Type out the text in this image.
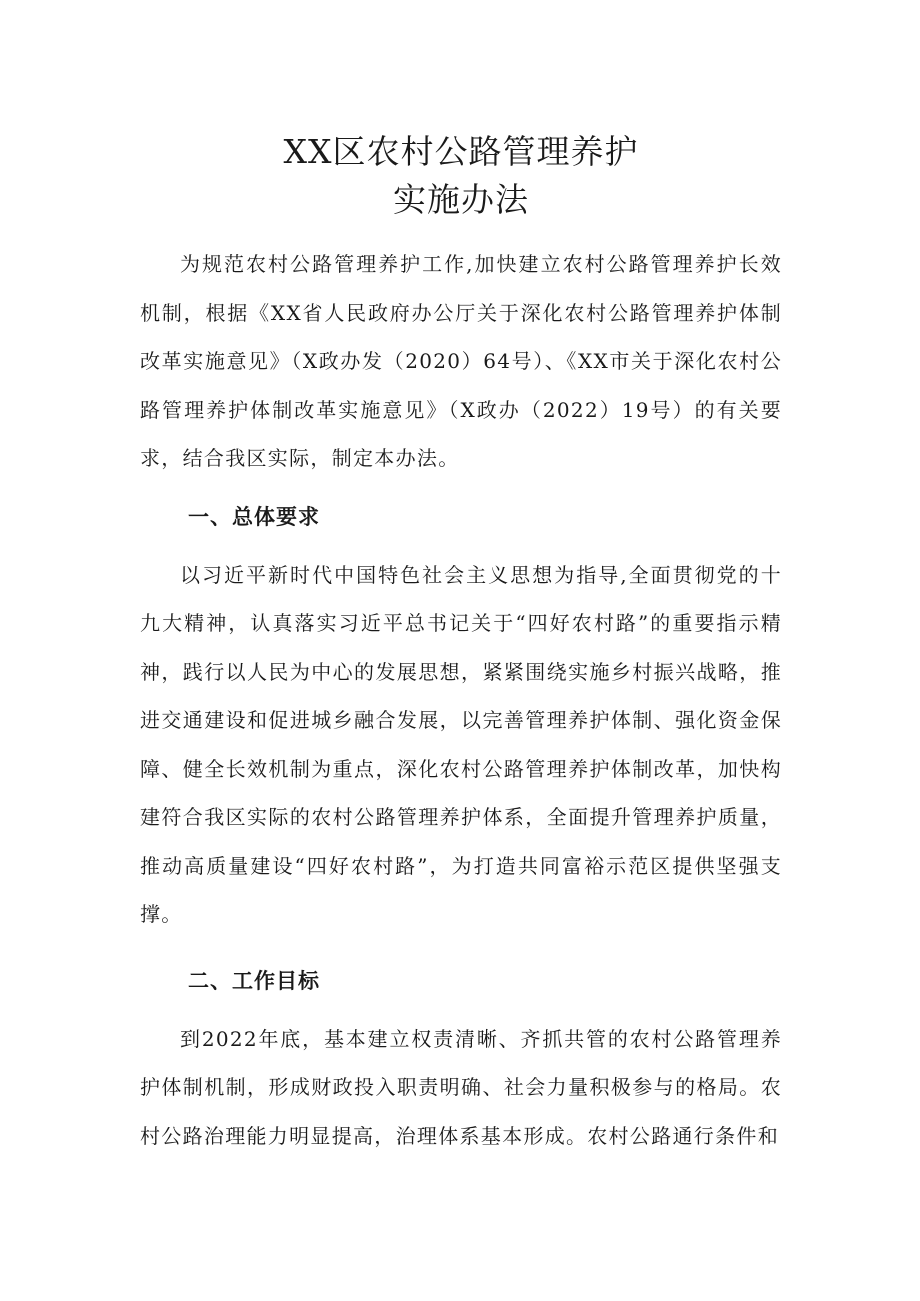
XX区农村公路管理养护
实施办法

为规范农村公路管理养护工作,加快建立农村公路管理养护长效机制，根据《XX省人民政府办公厅关于深化农村公路管理养护体制改革实施意见》（X政办发（2020）64号）、《XX市关于深化农村公路管理养护体制改革实施意见》（X政办（2022）19号）的有关要求，结合我区实际，制定本办法。

一、总体要求

以习近平新时代中国特色社会主义思想为指导,全面贯彻党的十九大精神，认真落实习近平总书记关于“四好农村路”的重要指示精神，践行以人民为中心的发展思想，紧紧围绕实施乡村振兴战略，推进交通建设和促进城乡融合发展，以完善管理养护体制、强化资金保障、健全长效机制为重点，深化农村公路管理养护体制改革，加快构建符合我区实际的农村公路管理养护体系，全面提升管理养护质量，推动高质量建设“四好农村路”，为打造共同富裕示范区提供坚强支撑。

二、工作目标

到2022年底，基本建立权责清晰、齐抓共管的农村公路管理养护体制机制，形成财政投入职责明确、社会力量积极参与的格局。农村公路治理能力明显提高，治理体系基本形成。农村公路通行条件和
